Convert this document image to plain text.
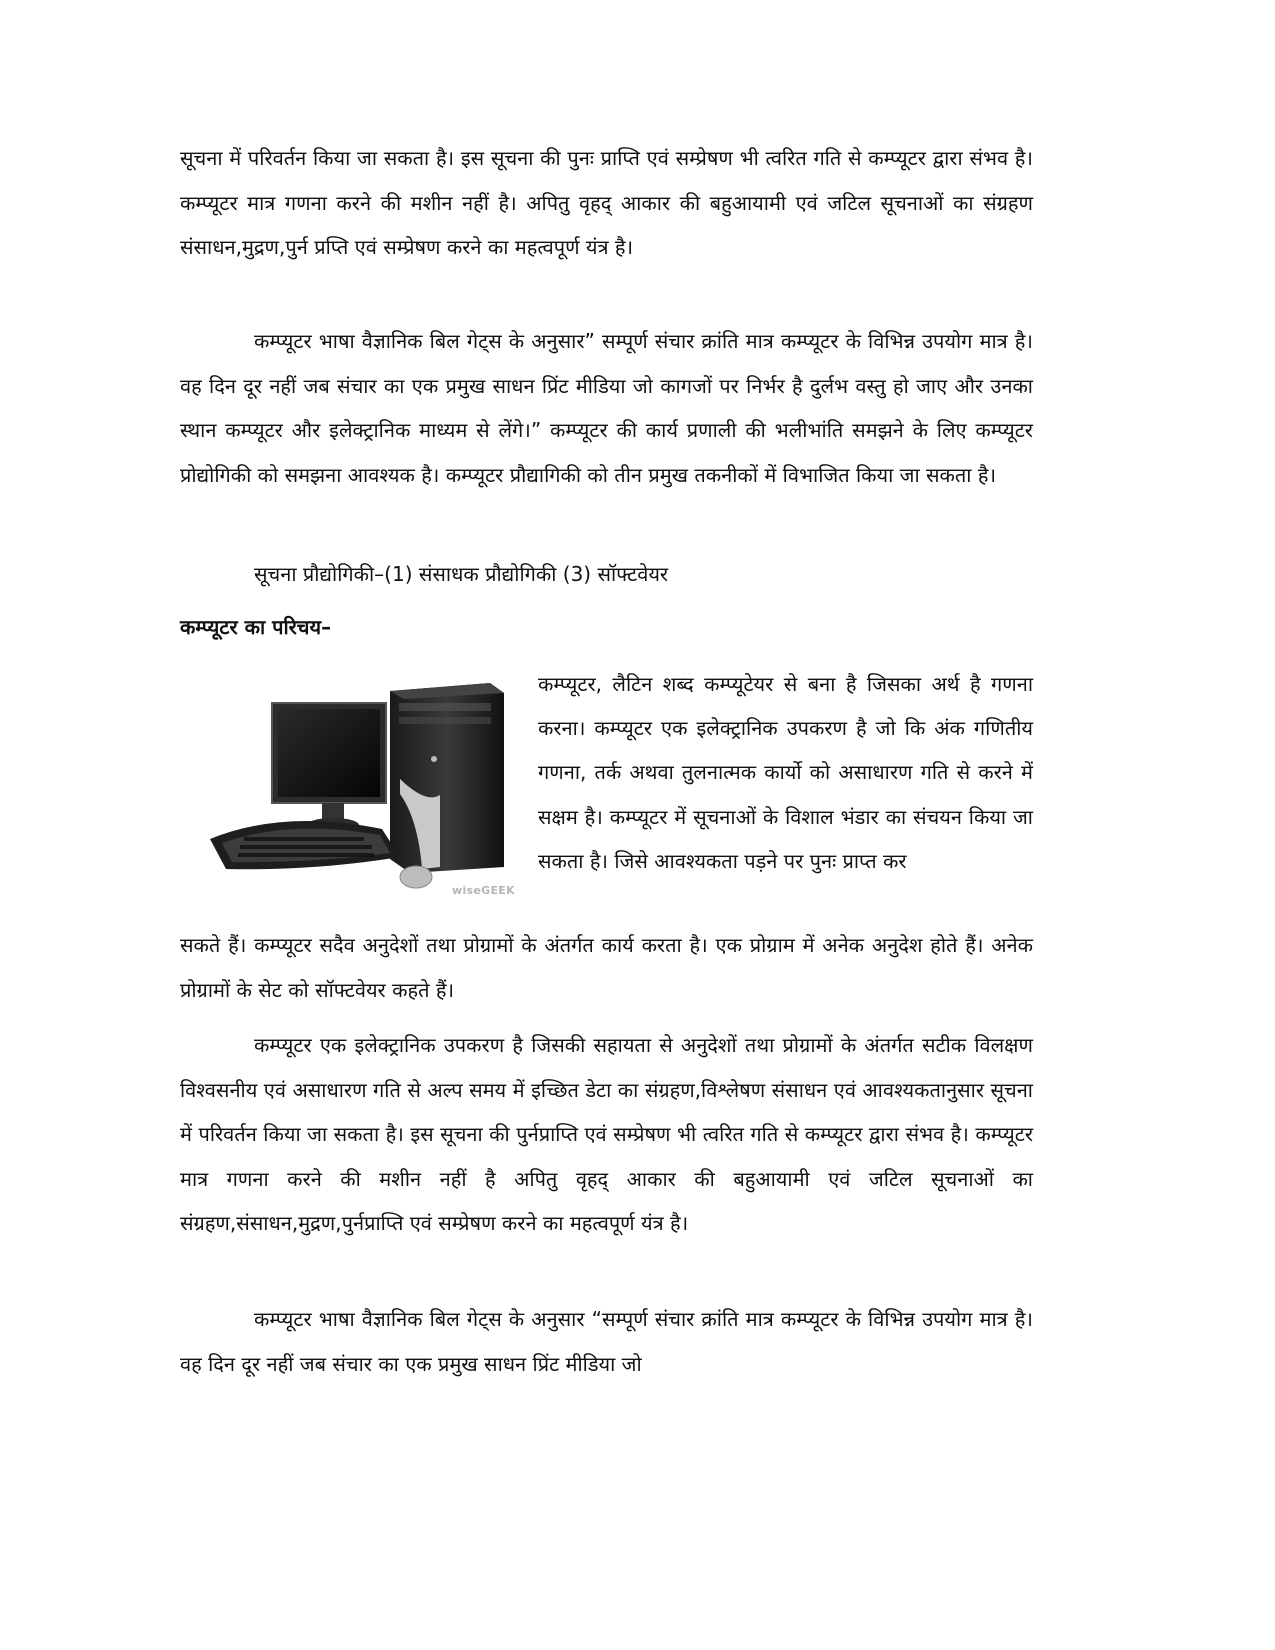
सूचना में परिवर्तन किया जा सकता है। इस सूचना की पुनः प्राप्ति एवं सम्प्रेषण भी त्वरित गति से कम्प्यूटर द्वारा संभव है। कम्प्यूटर मात्र गणना करने की मशीन नहीं है। अपितु वृहद् आकार की बहुआयामी एवं जटिल सूचनाओं का संग्रहण संसाधन,मुद्रण,पुर्न प्रप्ति एवं सम्प्रेषण करने का महत्वपूर्ण यंत्र है।

कम्प्यूटर भाषा वैज्ञानिक बिल गेट्स के अनुसार” सम्पूर्ण संचार क्रांति मात्र कम्प्यूटर के विभिन्न उपयोग मात्र है। वह दिन दूर नहीं जब संचार का एक प्रमुख साधन प्रिंट मीडिया जो कागजों पर निर्भर है दुर्लभ वस्तु हो जाए और उनका स्थान कम्प्यूटर और इलेक्ट्रानिक माध्यम से लेंगे।” कम्प्यूटर की कार्य प्रणाली की भलीभांति समझने के लिए कम्प्यूटर प्रोद्योगिकी को समझना आवश्यक है। कम्प्यूटर प्रौद्यागिकी को तीन प्रमुख तकनीकों में विभाजित किया जा सकता है।

सूचना प्रौद्योगिकी–(1) संसाधक प्रौद्योगिकी (3) सॉफ्टवेयर

कम्प्यूटर का परिचय–
wiseGEEK

कम्प्यूटर, लैटिन शब्द कम्प्यूटेयर से बना है जिसका अर्थ है गणना करना। कम्प्यूटर एक इलेक्ट्रानिक उपकरण है जो कि अंक गणितीय गणना, तर्क अथवा तुलनात्मक कार्यो को असाधारण गति से करने में सक्षम है। कम्प्यूटर में सूचनाओं के विशाल भंडार का संचयन किया जा सकता है। जिसे आवश्यकता पड़ने पर पुनः प्राप्त कर

सकते हैं। कम्प्यूटर सदैव अनुदेशों तथा प्रोग्रामों के अंतर्गत कार्य करता है। एक प्रोग्राम में अनेक अनुदेश होते हैं। अनेक प्रोग्रामों के सेट को सॉफ्टवेयर कहते हैं।

कम्प्यूटर एक इलेक्ट्रानिक उपकरण है जिसकी सहायता से अनुदेशों तथा प्रोग्रामों के अंतर्गत सटीक विलक्षण विश्वसनीय एवं असाधारण गति से अल्प समय में इच्छित डेटा का संग्रहण,विश्लेषण संसाधन एवं आवश्यकतानुसार सूचना में परिवर्तन किया जा सकता है। इस सूचना की पुर्नप्राप्ति एवं सम्प्रेषण भी त्वरित गति से कम्प्यूटर द्वारा संभव है। कम्प्यूटर मात्र गणना करने की मशीन नहीं है अपितु वृहद् आकार की बहुआयामी एवं जटिल सूचनाओं का संग्रहण,संसाधन,मुद्रण,पुर्नप्राप्ति एवं सम्प्रेषण करने का महत्वपूर्ण यंत्र है।

कम्प्यूटर भाषा वैज्ञानिक बिल गेट्स के अनुसार “सम्पूर्ण संचार क्रांति मात्र कम्प्यूटर के विभिन्न उपयोग मात्र है। वह दिन दूर नहीं जब संचार का एक प्रमुख साधन प्रिंट मीडिया जो
